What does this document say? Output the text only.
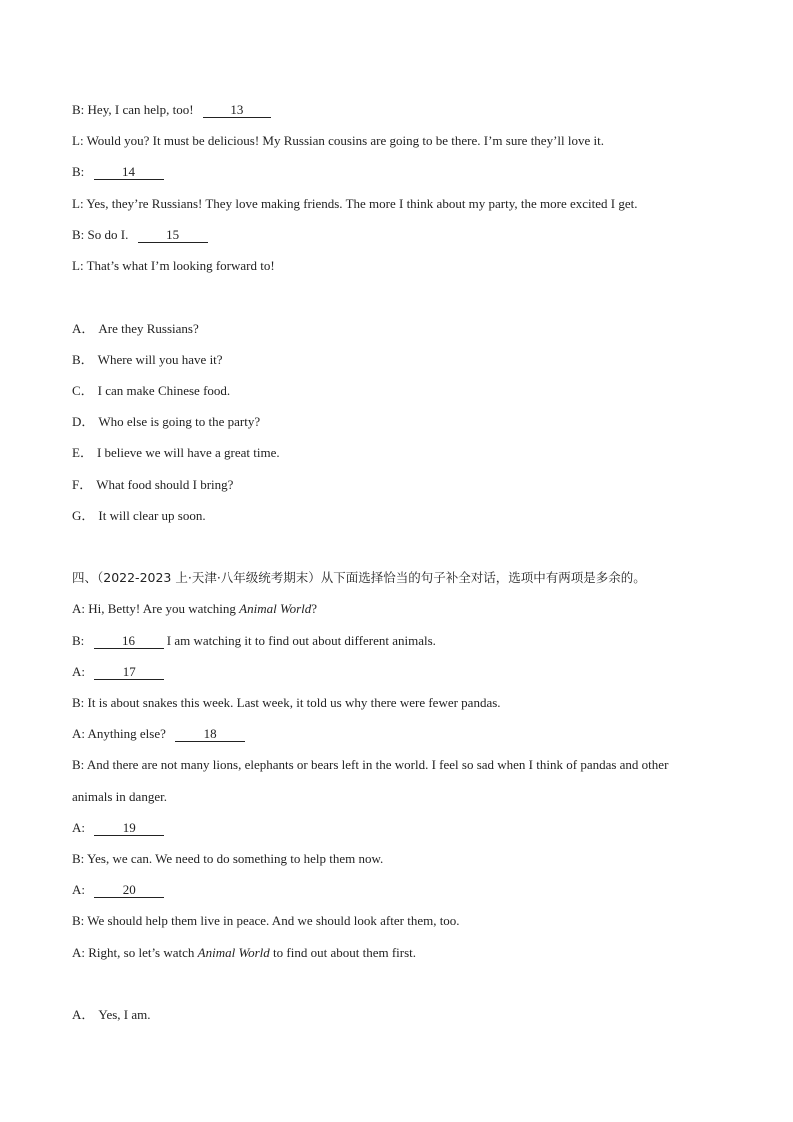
B: Hey, I can help, too!	13
L: Would you? It must be delicious! My Russian cousins are going to be there. I’m sure they’ll love it.
B:	14
L: Yes, they’re Russians! They love making friends. The more I think about my party, the more excited I get.
B: So do I.	15
L: That’s what I’m looking forward to!
A． Are they Russians?
B． Where will you have it?
C． I can make Chinese food.
D． Who else is going to the party?
E． I believe we will have a great time.
F． What food should I bring?
G． It will clear up soon.
四、（2022-2023 上·天津·八年级统考期末）从下面选择恰当的句子补全对话，选项中有两项是多余的。
A: Hi, Betty! Are you watching Animal World?
B:	16 I am watching it to find out about different animals.
A:	17
B: It is about snakes this week. Last week, it told us why there were fewer pandas.
A: Anything else?	18
B: And there are not many lions, elephants or bears left in the world. I feel so sad when I think of pandas and other
animals in danger.
A:	19
B: Yes, we can. We need to do something to help them now.
A:	20
B: We should help them live in peace. And we should look after them, too.
A: Right, so let’s watch Animal World to find out about them first.
A． Yes, I am.
